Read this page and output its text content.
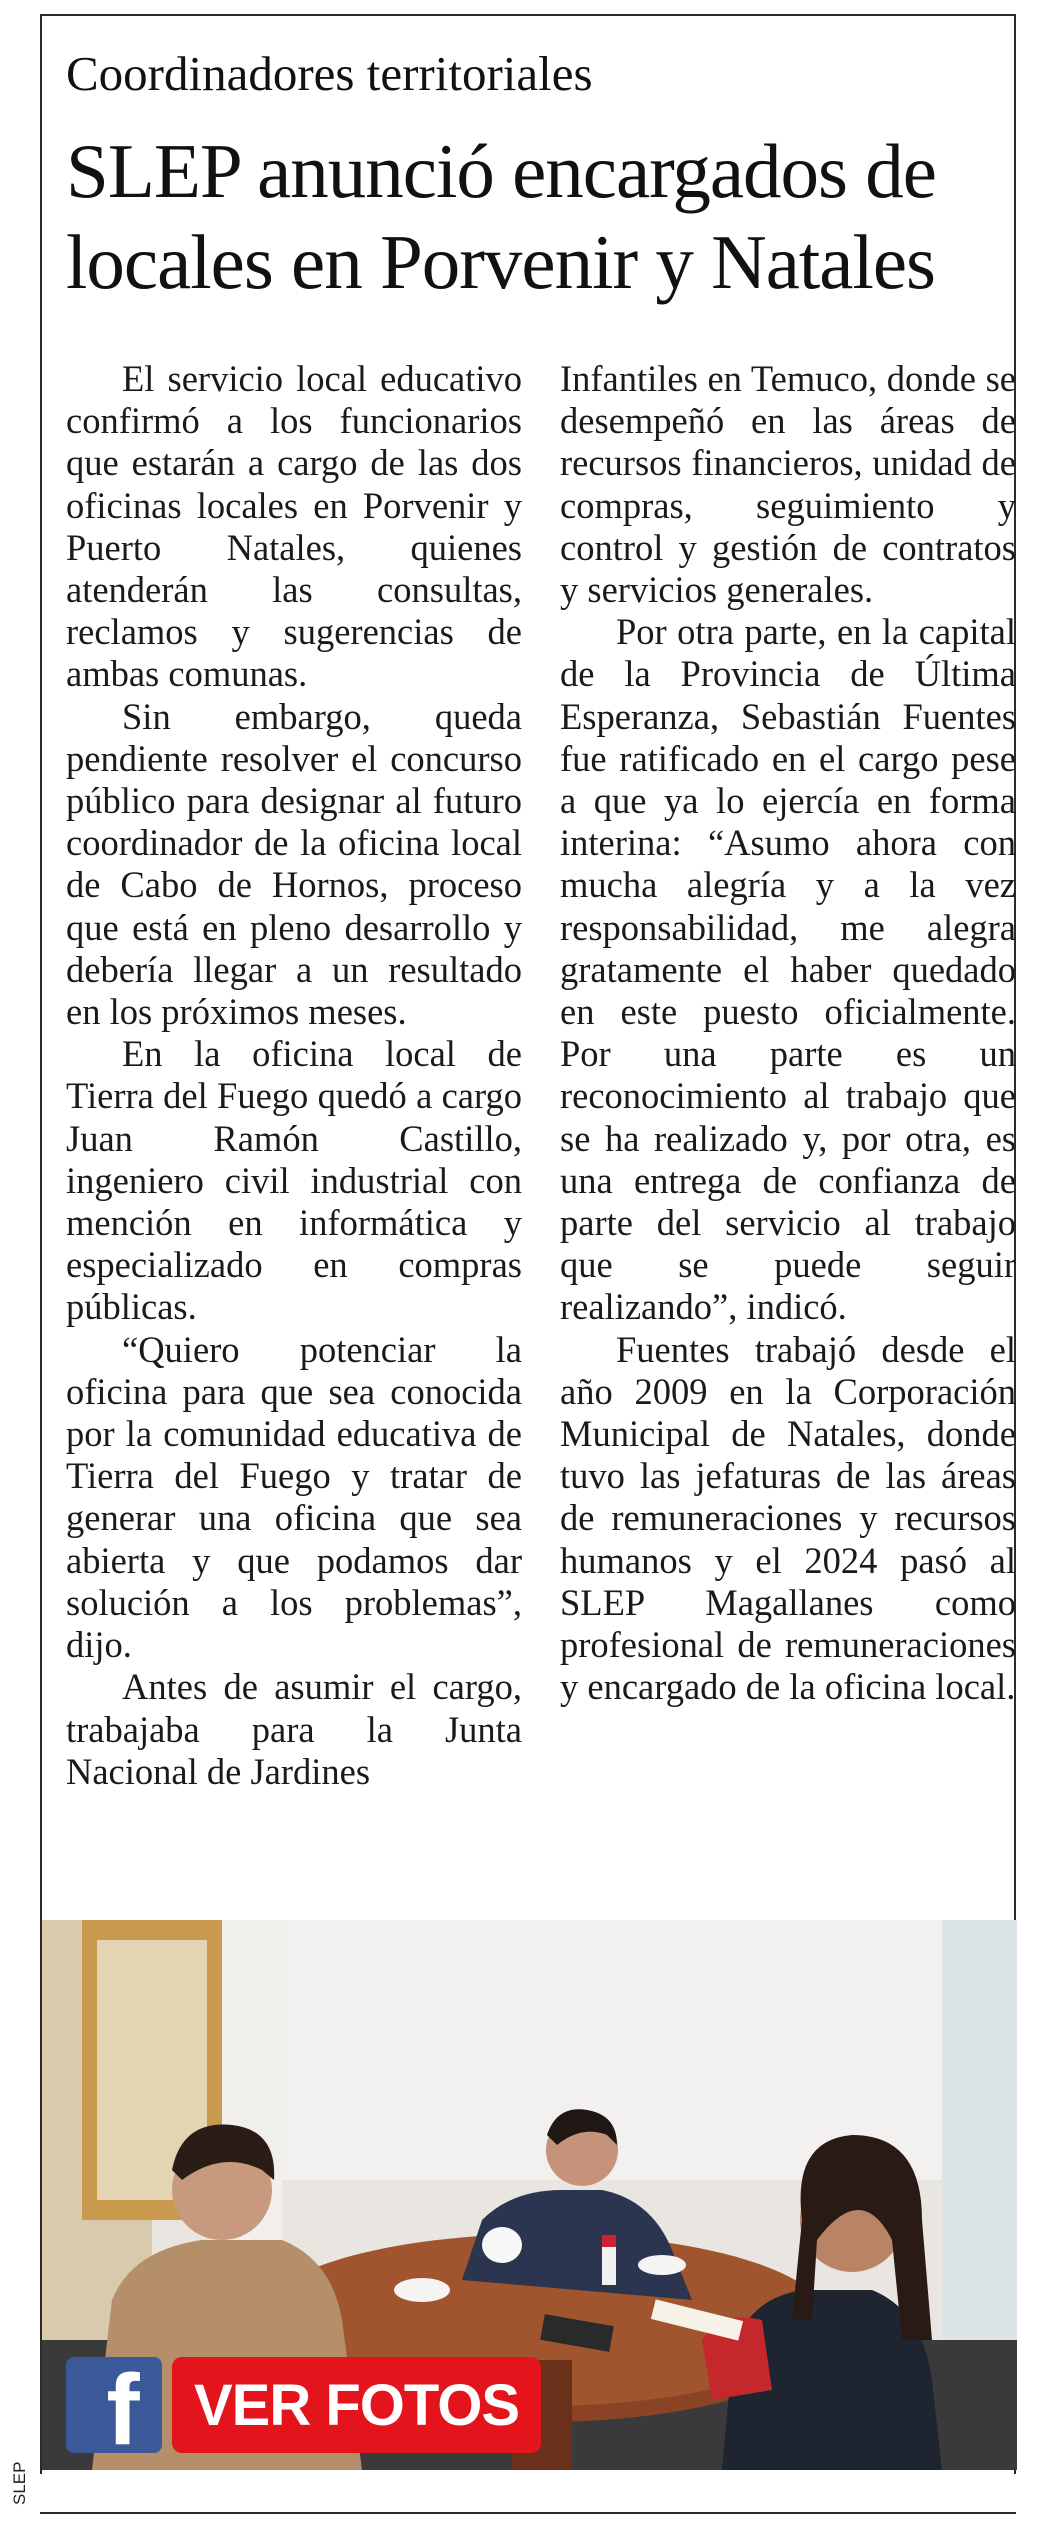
Coordinadores territoriales
SLEP anunció encargados de
locales en Porvenir y Natales

El servicio local educativo confirmó a los funcionarios que estarán a cargo de las dos oficinas locales en Porvenir y Puerto Natales, quienes atenderán las consultas, reclamos y sugerencias de ambas comunas.

Sin embargo, queda pendiente resolver el concurso público para designar al futuro coordinador de la oficina local de Cabo de Hornos, proceso que está en pleno desarrollo y debería llegar a un resultado en los próximos meses.

En la oficina local de Tierra del Fuego quedó a cargo Juan Ramón Castillo, ingeniero civil industrial con mención en informática y especializado en compras públicas.

“Quiero potenciar la oficina para que sea conocida por la comunidad educativa de Tierra del Fuego y tratar de generar una oficina que sea abierta y que podamos dar solución a los problemas”, dijo.

Antes de asumir el cargo, trabajaba para la Junta Nacional de Jardines

Infantiles en Temuco, donde se desempeñó en las áreas de recursos financieros, unidad de compras, seguimiento y control y gestión de contratos y servicios generales.

Por otra parte, en la capital de la Provincia de Última Esperanza, Sebastián Fuentes fue ratificado en el cargo pese a que ya lo ejercía en forma interina: “Asumo ahora con mucha alegría y a la vez responsabilidad, me alegra gratamente el haber quedado en este puesto oficialmente. Por una parte es un reconocimiento al trabajo que se ha realizado y, por otra, es una entrega de confianza de parte del servicio al trabajo que se puede seguir realizando”, indicó.

Fuentes trabajó desde el año 2009 en la Corporación Municipal de Natales, donde tuvo las jefaturas de las áreas de remuneraciones y recursos humanos y el 2024 pasó al SLEP Magallanes como profesional de remuneraciones y encargado de la oficina local.

f VER FOTOS
SLEP
